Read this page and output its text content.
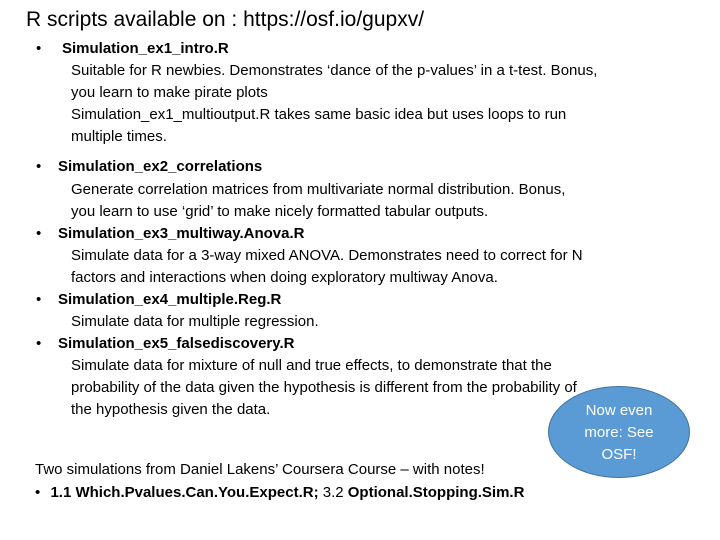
R scripts available on : https://osf.io/gupxv/
• Simulation_ex1_intro.R
Suitable for R newbies. Demonstrates ‘dance of the p-values’ in a t-test. Bonus,
you learn to make pirate plots
Simulation_ex1_multioutput.R takes same basic idea but uses loops to run
multiple times.
• Simulation_ex2_correlations
Generate correlation matrices from multivariate normal distribution. Bonus,
you learn to use ‘grid’ to make nicely formatted tabular outputs.
• Simulation_ex3_multiway.Anova.R
Simulate data for a 3-way mixed ANOVA. Demonstrates need to correct for N
factors and interactions when doing exploratory multiway Anova.
• Simulation_ex4_multiple.Reg.R
Simulate data for multiple regression.
• Simulation_ex5_falsediscovery.R
Simulate data for mixture of null and true effects, to demonstrate that the
probability of the data given the hypothesis is different from the probability of
the hypothesis given the data.	Now even more: See OSF!
Two simulations from Daniel Lakens’ Coursera Course – with notes!
• 1.1 Which.Pvalues.Can.You.Expect.R; 3.2 Optional.Stopping.Sim.R
